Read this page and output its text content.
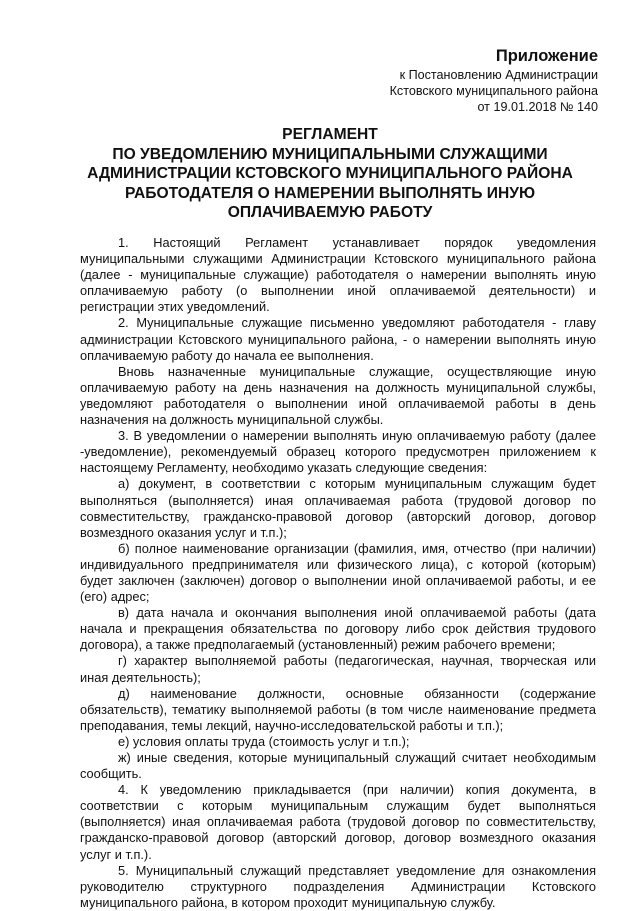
Приложение
к Постановлению Администрации
Кстовского муниципального района
от 19.01.2018 № 140
РЕГЛАМЕНТ
ПО УВЕДОМЛЕНИЮ МУНИЦИПАЛЬНЫМИ СЛУЖАЩИМИ
АДМИНИСТРАЦИИ КСТОВСКОГО МУНИЦИПАЛЬНОГО РАЙОНА
РАБОТОДАТЕЛЯ О НАМЕРЕНИИ ВЫПОЛНЯТЬ ИНУЮ
ОПЛАЧИВАЕМУЮ РАБОТУ

1. Настоящий Регламент устанавливает порядок уведомления муниципальными служащими Администрации Кстовского муниципального района (далее - муниципальные служащие) работодателя о намерении выполнять иную оплачиваемую работу (о выполнении иной оплачиваемой деятельности) и регистрации этих уведомлений.

2. Муниципальные служащие письменно уведомляют работодателя - главу администрации Кстовского муниципального района, - о намерении выполнять иную оплачиваемую работу до начала ее выполнения.

Вновь назначенные муниципальные служащие, осуществляющие иную оплачиваемую работу на день назначения на должность муниципальной службы, уведомляют работодателя о выполнении иной оплачиваемой работы в день назначения на должность муниципальной службы.

3. В уведомлении о намерении выполнять иную оплачиваемую работу (далее -уведомление), рекомендуемый образец которого предусмотрен приложением к настоящему Регламенту, необходимо указать следующие сведения:

а) документ, в соответствии с которым муниципальным служащим будет выполняться (выполняется) иная оплачиваемая работа (трудовой договор по совместительству, гражданско-правовой договор (авторский договор, договор возмездного оказания услуг и т.п.);

б) полное наименование организации (фамилия, имя, отчество (при наличии) индивидуального предпринимателя или физического лица), с которой (которым) будет заключен (заключен) договор о выполнении иной оплачиваемой работы, и ее (его) адрес;

в) дата начала и окончания выполнения иной оплачиваемой работы (дата начала и прекращения обязательства по договору либо срок действия трудового договора), а также предполагаемый (установленный) режим рабочего времени;

г) характер выполняемой работы (педагогическая, научная, творческая или иная деятельность);

д) наименование должности, основные обязанности (содержание обязательств), тематику выполняемой работы (в том числе наименование предмета преподавания, темы лекций, научно-исследовательской работы и т.п.);

е) условия оплаты труда (стоимость услуг и т.п.);

ж) иные сведения, которые муниципальный служащий считает необходимым сообщить.

4. К уведомлению прикладывается (при наличии) копия документа, в соответствии с которым муниципальным служащим будет выполняться (выполняется) иная оплачиваемая работа (трудовой договор по совместительству, гражданско-правовой договор (авторский договор, договор возмездного оказания услуг и т.п.).

5. Муниципальный служащий представляет уведомление для ознакомления руководителю структурного подразделения Администрации Кстовского муниципального района, в котором проходит муниципальную службу.
